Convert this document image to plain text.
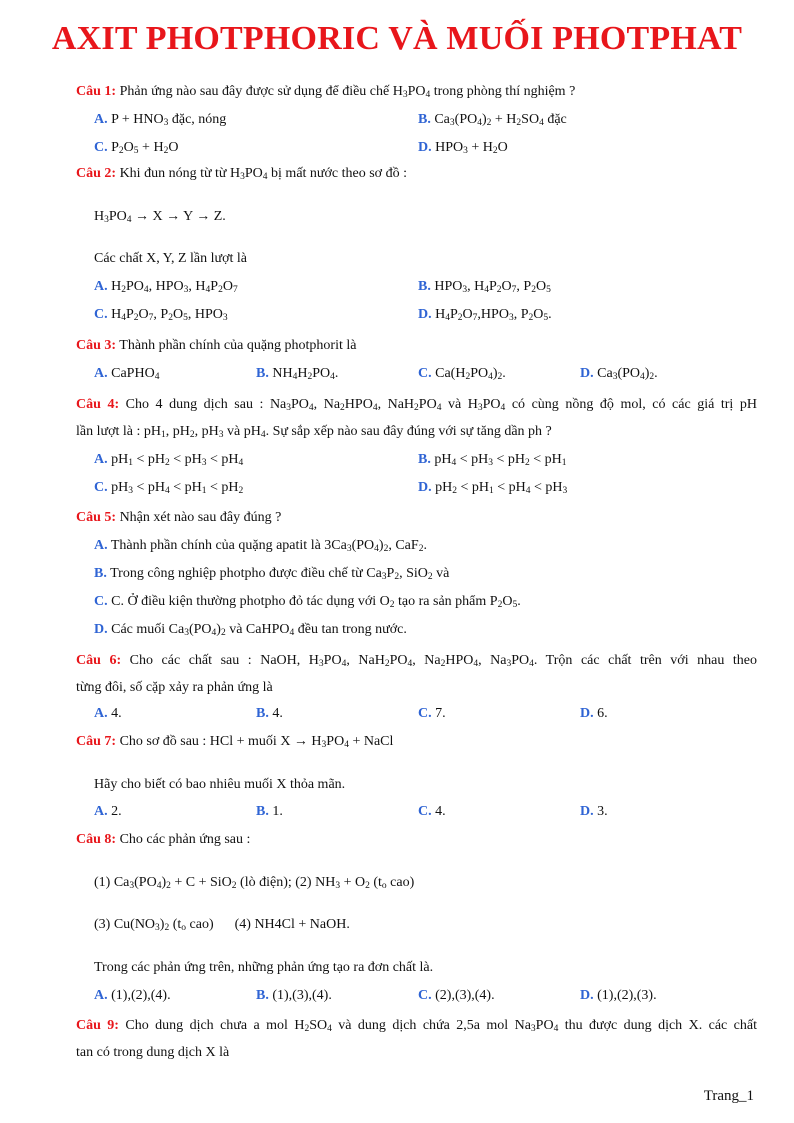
AXIT PHOTPHORIC VÀ MUỐI PHOTPHAT
Câu 1: Phản ứng nào sau đây được sử dụng để điều chế $H_3PO_4$ trong phòng thí nghiệm ?
A. $P + HNO_3$ đặc, nóng	B. $Ca_3(PO_4)_2 + H_2SO_4$ đặc
C. $P_2O_5 + H_2O$	D. $HPO_3 + H_2O$
Câu 2: Khi đun nóng từ từ $H_3PO_4$ bị mất nước theo sơ đồ :
$H_3PO_4 \to X \to Y \to Z$.
Các chất X, Y, Z lần lượt là
A. $H_2PO_4$, $HPO_3$, $H_4P_2O_7$	B. $HPO_3$, $H_4P_2O_7$, $P_2O_5$
C. $H_4P_2O_7$, $P_2O_5$, $HPO_3$	D. $H_4P_2O_7,HPO_3$, $P_2O_5$.
Câu 3: Thành phần chính của quặng photphorit là
A. CaPHO$_4$	B. $NH_4H_2PO_4$.	C. $Ca(H_2PO_4)_2$.	D. $Ca_3(PO_4)_2$.
Câu 4: Cho 4 dung dịch sau : $Na_3PO_4$, $Na_2HPO_4$, $NaH_2PO_4$ và $H_3PO_4$ có cùng nồng độ mol, có các giá trị pH
lần lượt là : $pH_1$, $pH_2$, $pH_3$ và $pH_4$. Sự sắp xếp nào sau đây đúng với sự tăng dần ph ?
A. $pH_1 < pH_2 < pH_3 < pH_4$	B. $pH_4 < pH_3 < pH_2 < pH_1$
C. $pH_3 < pH_4 < pH_1 < pH_2$	D. $pH_2 < pH_1 < pH_4 < pH_3$
Câu 5: Nhận xét nào sau đây đúng ?
A. Thành phần chính của quặng apatit là $3Ca_3(PO_4)_2$, CaF$_2$.
B. Trong công nghiệp photpho được điều chế từ $Ca_3P_2$, SiO$_2$ và
C. C. Ở điều kiện thường photpho đỏ tác dụng với $O_2$ tạo ra sản phẩm $P_2O_5$.
D. Các muối $Ca_3(PO_4)_2$ và CaHPO$_4$ đều tan trong nước.
Câu 6: Cho các chất sau : NaOH, $H_3PO_4$, $NaH_2PO_4$, $Na_2HPO_4$, $Na_3PO_4$. Trộn các chất trên với nhau theo
từng đôi, số cặp xảy ra phản ứng là
A. 4.	B. 4.	C. 7.	D. 6.
Câu 7: Cho sơ đồ sau : HCl + muối $X \to H_3PO_4$ + NaCl
Hãy cho biết có bao nhiêu muối X thỏa mãn.
A. 2.	B. 1.	C. 4.	D. 3.
Câu 8: Cho các phản ứng sau :
(1) $Ca_3(PO_4)_2 + C + SiO_2$ (lò điện); (2) $NH_3 + O_2$ ($t_o$ cao)
(3) $Cu(NO_3)_2$ ($t_o$ cao)      (4) NH4Cl + NaOH.
Trong các phản ứng trên, những phản ứng tạo ra đơn chất là.
A. (1),(2),(4).	B. (1),(3),(4).	C. (2),(3),(4).	D. (1),(2),(3).
Câu 9: Cho dung dịch chưa a mol $H_2SO_4$ và dung dịch chứa 2,5a mol $Na_3PO_4$ thu được dung dịch X. các chất
tan có trong dung dịch X là
Trang_1
